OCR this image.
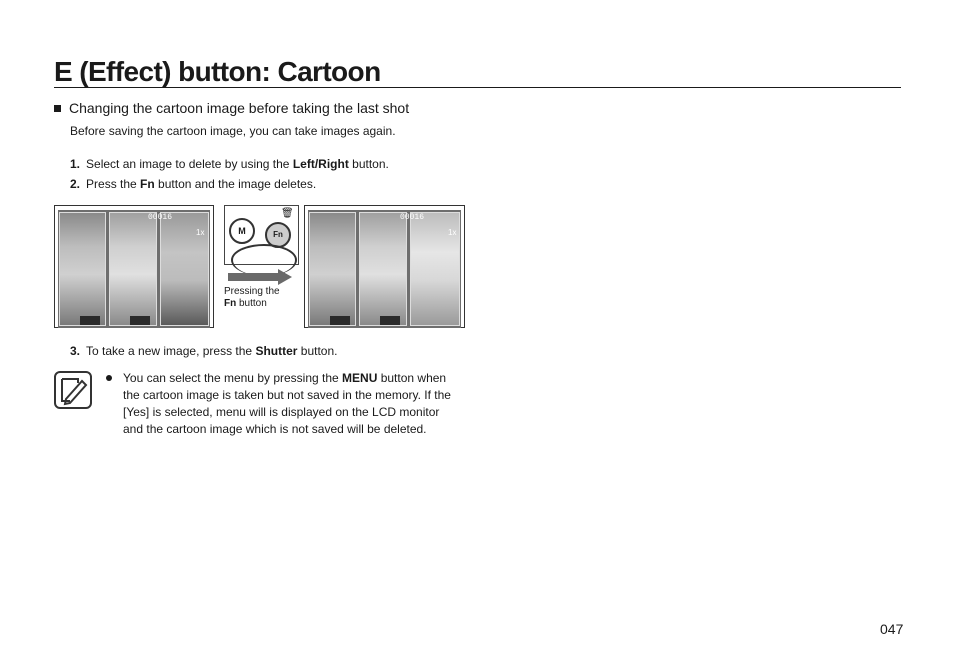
E (Effect) button: Cartoon
Changing the cartoon image before taking the last shot
Before saving the cartoon image, you can take images again.
1. Select an image to delete by using the Left/Right button.
2. Press the Fn button and the image deletes.
00016
1x	M	Fn
🗑
Pressing the
Fn button
00016
1x
3. To take a new image, press the Shutter button.
You can select the menu by pressing the MENU button when the cartoon image is taken but not saved in the memory. If the [Yes] is selected, menu will is displayed on the LCD monitor and the cartoon image which is not saved will be deleted.
047
